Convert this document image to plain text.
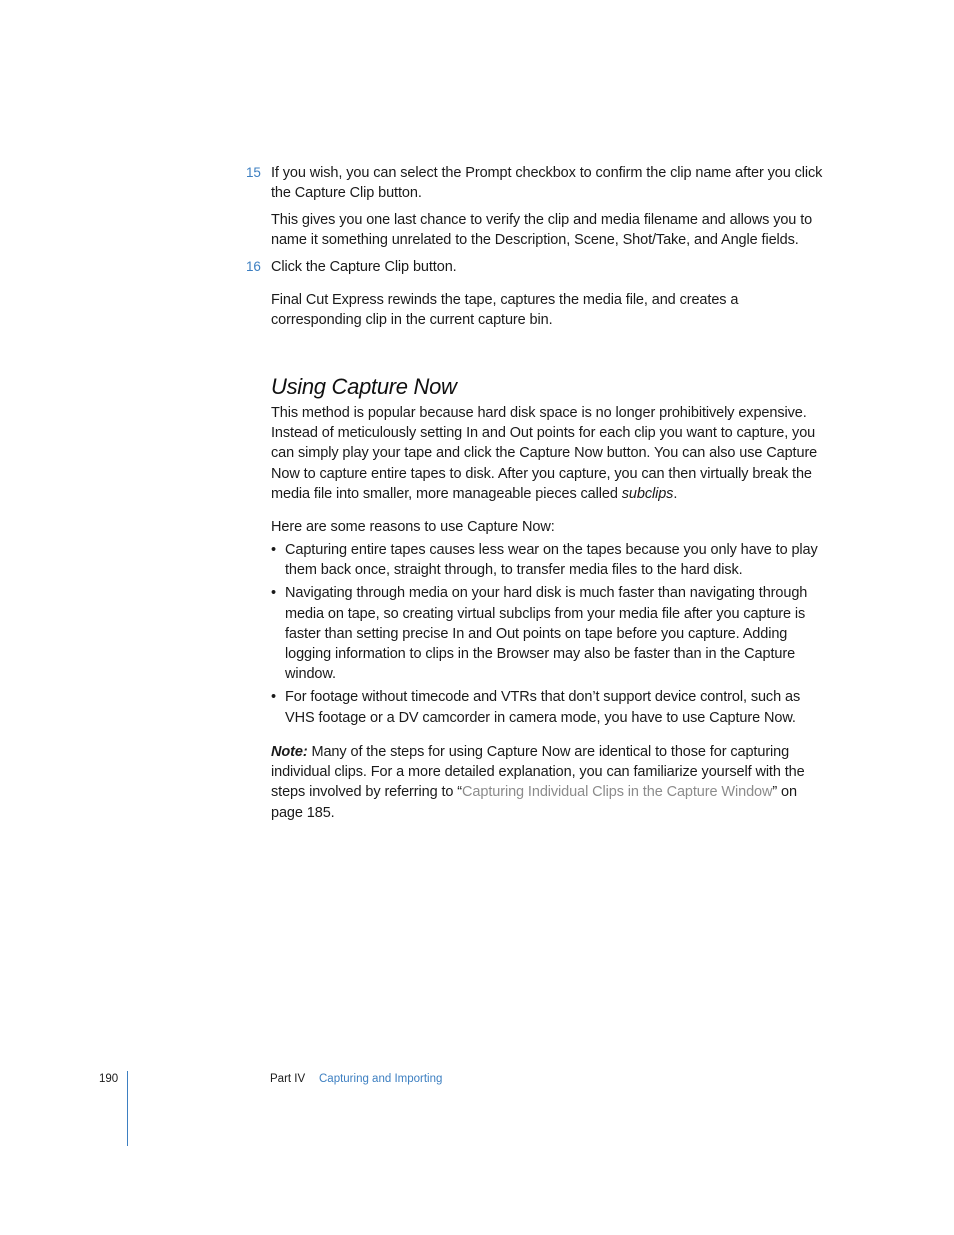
15 If you wish, you can select the Prompt checkbox to confirm the clip name after you click the Capture Clip button.
This gives you one last chance to verify the clip and media filename and allows you to name it something unrelated to the Description, Scene, Shot/Take, and Angle fields.
16 Click the Capture Clip button.
Final Cut Express rewinds the tape, captures the media file, and creates a corresponding clip in the current capture bin.
Using Capture Now
This method is popular because hard disk space is no longer prohibitively expensive. Instead of meticulously setting In and Out points for each clip you want to capture, you can simply play your tape and click the Capture Now button. You can also use Capture Now to capture entire tapes to disk. After you capture, you can then virtually break the media file into smaller, more manageable pieces called subclips.
Here are some reasons to use Capture Now:
• Capturing entire tapes causes less wear on the tapes because you only have to play them back once, straight through, to transfer media files to the hard disk.
• Navigating through media on your hard disk is much faster than navigating through media on tape, so creating virtual subclips from your media file after you capture is faster than setting precise In and Out points on tape before you capture. Adding logging information to clips in the Browser may also be faster than in the Capture window.
• For footage without timecode and VTRs that don’t support device control, such as VHS footage or a DV camcorder in camera mode, you have to use Capture Now.
Note: Many of the steps for using Capture Now are identical to those for capturing individual clips. For a more detailed explanation, you can familiarize yourself with the steps involved by referring to “Capturing Individual Clips in the Capture Window” on page 185.
190	Part IV Capturing and Importing
